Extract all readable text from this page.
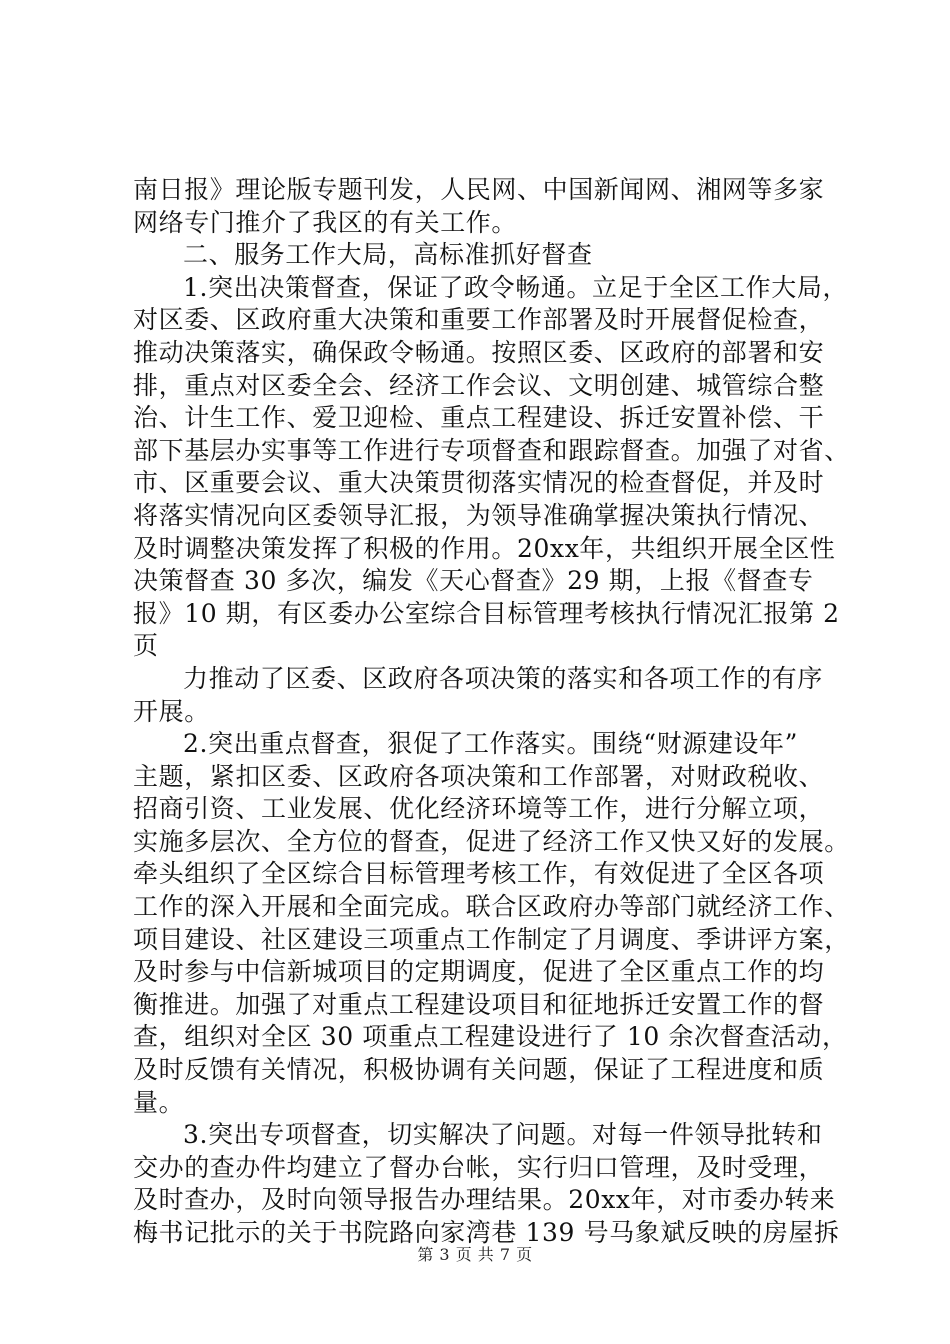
南日报》理论版专题刊发，人民网、中国新闻网、湘网等多家
网络专门推介了我区的有关工作。
二、服务工作大局，高标准抓好督查
1.突出决策督查，保证了政令畅通。立足于全区工作大局，
对区委、区政府重大决策和重要工作部署及时开展督促检查，
推动决策落实，确保政令畅通。按照区委、区政府的部署和安
排，重点对区委全会、经济工作会议、文明创建、城管综合整
治、计生工作、爱卫迎检、重点工程建设、拆迁安置补偿、干
部下基层办实事等工作进行专项督查和跟踪督查。加强了对省、
市、区重要会议、重大决策贯彻落实情况的检查督促，并及时
将落实情况向区委领导汇报，为领导准确掌握决策执行情况、
及时调整决策发挥了积极的作用。20xx年，共组织开展全区性
决策督查 30 多次，编发《天心督查》29 期，上报《督查专
报》10 期，有区委办公室综合目标管理考核执行情况汇报第 2
页
力推动了区委、区政府各项决策的落实和各项工作的有序
开展。
2.突出重点督查，狠促了工作落实。围绕“财源建设年”
主题，紧扣区委、区政府各项决策和工作部署，对财政税收、
招商引资、工业发展、优化经济环境等工作，进行分解立项，
实施多层次、全方位的督查，促进了经济工作又快又好的发展。
牵头组织了全区综合目标管理考核工作，有效促进了全区各项
工作的深入开展和全面完成。联合区政府办等部门就经济工作、
项目建设、社区建设三项重点工作制定了月调度、季讲评方案，
及时参与中信新城项目的定期调度，促进了全区重点工作的均
衡推进。加强了对重点工程建设项目和征地拆迁安置工作的督
查，组织对全区 30 项重点工程建设进行了 10 余次督查活动，
及时反馈有关情况，积极协调有关问题，保证了工程进度和质
量。
3.突出专项督查，切实解决了问题。对每一件领导批转和
交办的查办件均建立了督办台帐，实行归口管理，及时受理，
及时查办，及时向领导报告办理结果。20xx年，对市委办转来
梅书记批示的关于书院路向家湾巷 139 号马象斌反映的房屋拆
第 3 页 共 7 页
